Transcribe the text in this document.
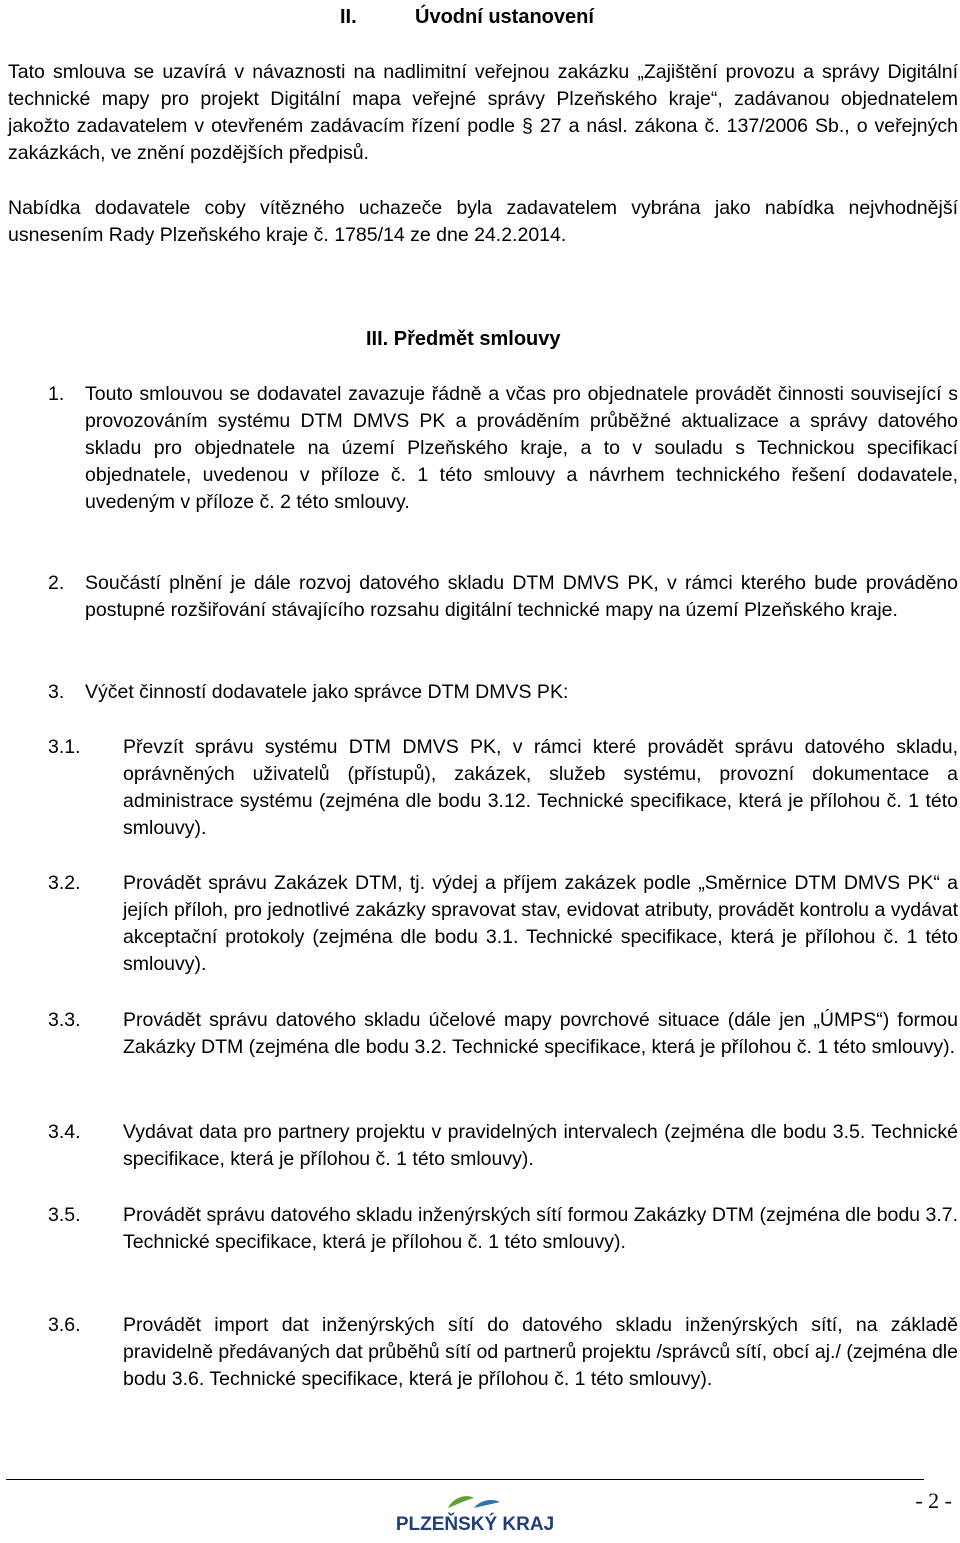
II.	Úvodní ustanovení
Tato smlouva se uzavírá v návaznosti na nadlimitní veřejnou zakázku „Zajištění provozu a správy Digitální technické mapy pro projekt Digitální mapa veřejné správy Plzeňského kraje“, zadávanou objednatelem jakožto zadavatelem v otevřeném zadávacím řízení podle § 27 a násl. zákona č. 137/2006 Sb., o veřejných zakázkách, ve znění pozdějších předpisů.
Nabídka dodavatele coby vítězného uchazeče byla zadavatelem vybrána jako nabídka nejvhodnější usnesením Rady Plzeňského kraje č. 1785/14 ze dne 24.2.2014.
III. Předmět smlouvy
1. Touto smlouvou se dodavatel zavazuje řádně a včas pro objednatele provádět činnosti související s provozováním systému DTM DMVS PK a prováděním průběžné aktualizace a správy datového skladu pro objednatele na území Plzeňského kraje, a to v souladu s Technickou specifikací objednatele, uvedenou v příloze č. 1 této smlouvy a návrhem technického řešení dodavatele, uvedeným v příloze č. 2 této smlouvy.
2. Součástí plnění je dále rozvoj datového skladu DTM DMVS PK, v rámci kterého bude prováděno postupné rozšiřování stávajícího rozsahu digitální technické mapy na území Plzeňského kraje.
3. Výčet činností dodavatele jako správce DTM DMVS PK:
3.1. Převzít správu systému DTM DMVS PK, v rámci které provádět správu datového skladu, oprávněných uživatelů (přístupů), zakázek, služeb systému, provozní dokumentace a administrace systému (zejména dle bodu 3.12. Technické specifikace, která je přílohou č. 1 této smlouvy).
3.2. Provádět správu Zakázek DTM, tj. výdej a příjem zakázek podle „Směrnice DTM DMVS PK“ a jejích příloh, pro jednotlivé zakázky spravovat stav, evidovat atributy, provádět kontrolu a vydávat akceptační protokoly (zejména dle bodu 3.1. Technické specifikace, která je přílohou č. 1 této smlouvy).
3.3. Provádět správu datového skladu účelové mapy povrchové situace (dále jen „ÚMPS“) formou Zakázky DTM (zejména dle bodu 3.2. Technické specifikace, která je přílohou č. 1 této smlouvy).
3.4. Vydávat data pro partnery projektu v pravidelných intervalech (zejména dle bodu 3.5. Technické specifikace, která je přílohou č. 1 této smlouvy).
3.5. Provádět správu datového skladu inženýrských sítí formou Zakázky DTM (zejména dle bodu 3.7. Technické specifikace, která je přílohou č. 1 této smlouvy).
3.6. Provádět import dat inženýrských sítí do datového skladu inženýrských sítí, na základě pravidelně předávaných dat průběhů sítí od partnerů projektu /správců sítí, obcí aj./ (zejména dle bodu 3.6. Technické specifikace, která je přílohou č. 1 této smlouvy).
- 2 -
PLZEŇSKÝ KRAJ
